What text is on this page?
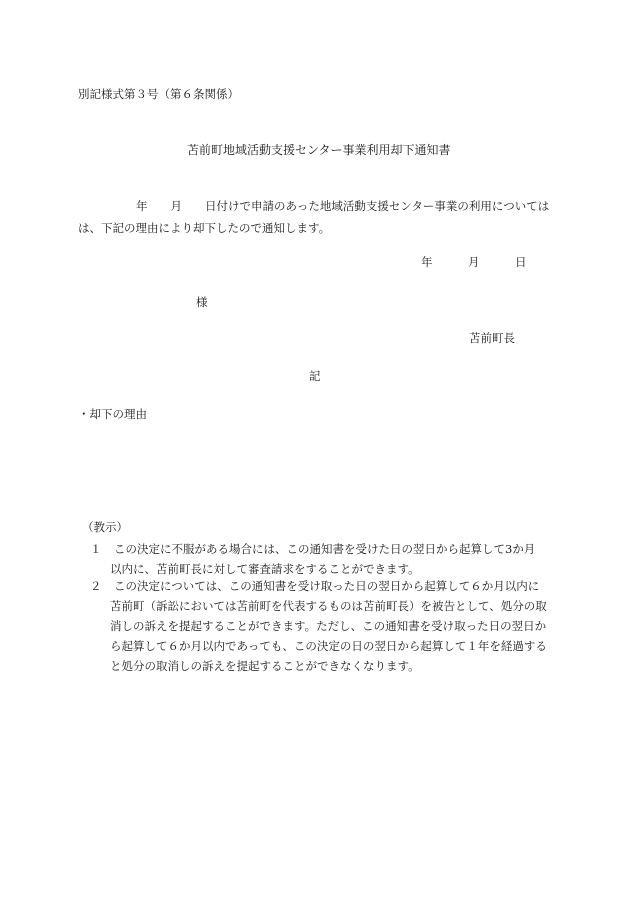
別記様式第３号（第６条関係）
苫前町地域活動支援センター事業利用却下通知書
年　　月　　日付けで申請のあった地域活動支援センター事業の利用については
は、下記の理由により却下したので通知します。
年	月	日
様
苫前町長
記
・却下の理由
（教示）
１	この決定に不服がある場合には、この通知書を受けた日の翌日から起算して3か月
以内に、苫前町長に対して審査請求をすることができます。
２	この決定については、この通知書を受け取った日の翌日から起算して６か月以内に
苫前町（訴訟においては苫前町を代表するものは苫前町長）を被告として、処分の取
消しの訴えを提起することができます。ただし、この通知書を受け取った日の翌日か
ら起算して６か月以内であっても、この決定の日の翌日から起算して１年を経過する
と処分の取消しの訴えを提起することができなくなります。
